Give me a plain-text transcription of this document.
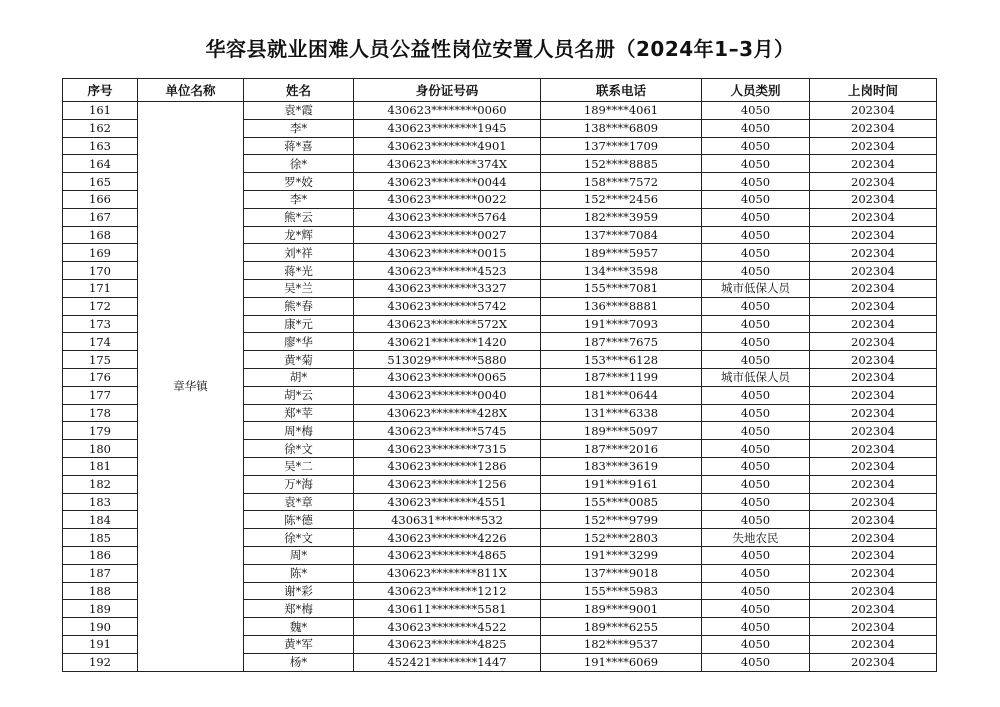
华容县就业困难人员公益性岗位安置人员名册（2024年1–3月）
序号	单位名称	姓名	身份证号码	联系电话	人员类别	上岗时间
161	章华镇	袁*霞	430623********0060	189****4061	4050	202304
162		李*	430623********1945	138****6809	4050	202304
163		蒋*喜	430623********4901	137****1709	4050	202304
164		徐*	430623********374X	152****8885	4050	202304
165		罗*姣	430623********0044	158****7572	4050	202304
166		李*	430623********0022	152****2456	4050	202304
167		熊*云	430623********5764	182****3959	4050	202304
168		龙*辉	430623********0027	137****7084	4050	202304
169		刘*祥	430623********0015	189****5957	4050	202304
170		蒋*光	430623********4523	134****3598	4050	202304
171		吴*兰	430623********3327	155****7081	城市低保人员	202304
172		熊*春	430623********5742	136****8881	4050	202304
173		康*元	430623********572X	191****7093	4050	202304
174		廖*华	430621********1420	187****7675	4050	202304
175		黄*菊	513029********5880	153****6128	4050	202304
176		胡*	430623********0065	187****1199	城市低保人员	202304
177		胡*云	430623********0040	181****0644	4050	202304
178		郑*苹	430623********428X	131****6338	4050	202304
179		周*梅	430623********5745	189****5097	4050	202304
180		徐*文	430623********7315	187****2016	4050	202304
181		吴*二	430623********1286	183****3619	4050	202304
182		万*海	430623********1256	191****9161	4050	202304
183		袁*章	430623********4551	155****0085	4050	202304
184		陈*德	430631********532	152****9799	4050	202304
185		徐*文	430623********4226	152****2803	失地农民	202304
186		周*	430623********4865	191****3299	4050	202304
187		陈*	430623********811X	137****9018	4050	202304
188		谢*彩	430623********1212	155****5983	4050	202304
189		郑*梅	430611********5581	189****9001	4050	202304
190		魏*	430623********4522	189****6255	4050	202304
191		黄*军	430623********4825	182****9537	4050	202304
192		杨*	452421********1447	191****6069	4050	202304
